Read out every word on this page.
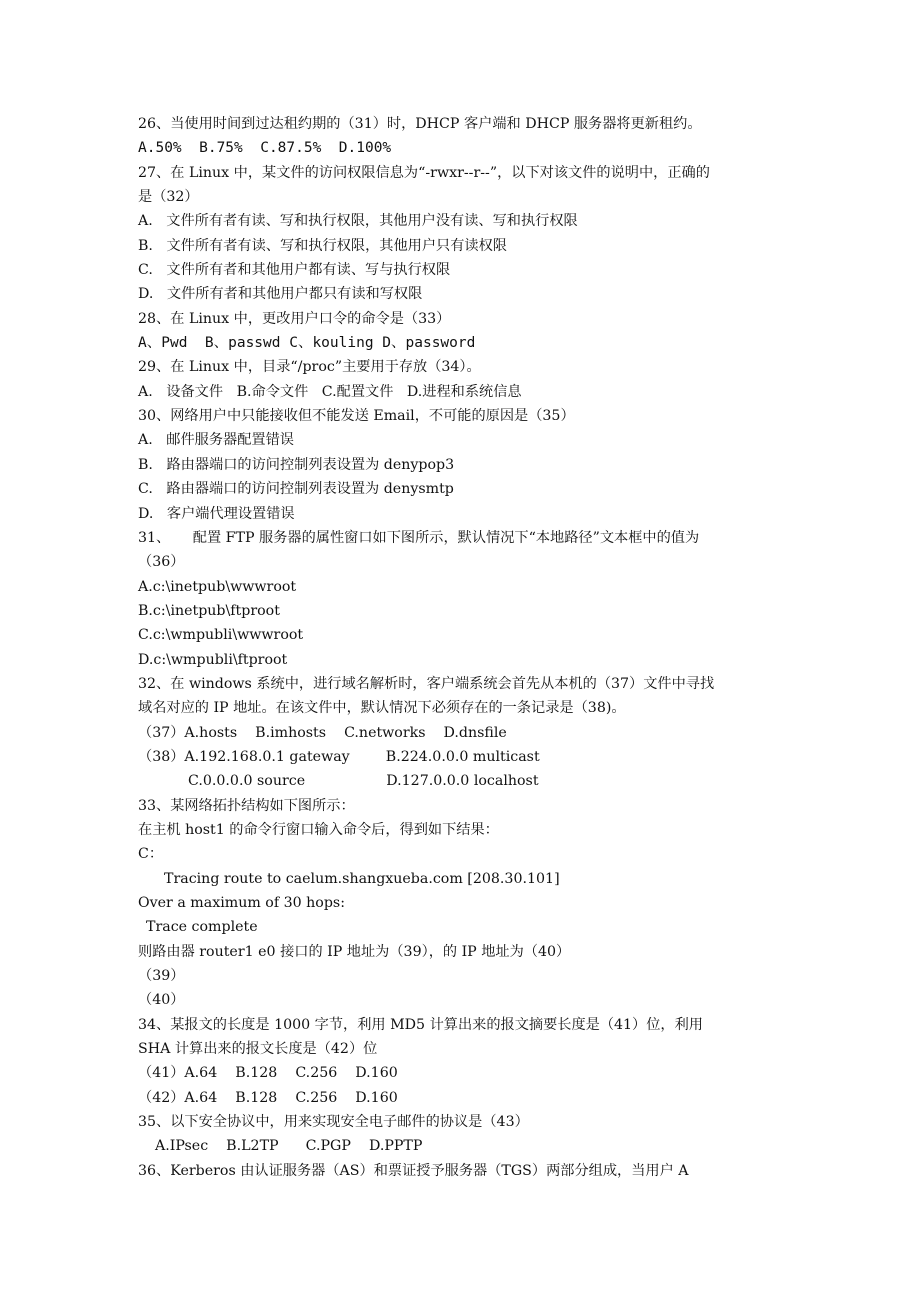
26、当使用时间到过达租约期的（31）时，DHCP 客户端和 DHCP 服务器将更新租约。
A.50%  B.75%  C.87.5%  D.100%
27、在 Linux 中，某文件的访问权限信息为“-rwxr--r--”，以下对该文件的说明中，正确的
是（32）
A.   文件所有者有读、写和执行权限，其他用户没有读、写和执行权限
B.   文件所有者有读、写和执行权限，其他用户只有读权限
C.   文件所有者和其他用户都有读、写与执行权限
D.   文件所有者和其他用户都只有读和写权限
28、在 Linux 中，更改用户口令的命令是（33）
A、Pwd  B、passwd C、kouling D、password
29、在 Linux 中，目录“/proc”主要用于存放（34）。
A.   设备文件   B.命令文件   C.配置文件   D.进程和系统信息
30、网络用户中只能接收但不能发送 Email，不可能的原因是（35）
A.   邮件服务器配置错误
B.   路由器端口的访问控制列表设置为 denypop3
C.   路由器端口的访问控制列表设置为 denysmtp
D.   客户端代理设置错误
31、     配置 FTP 服务器的属性窗口如下图所示，默认情况下“本地路径”文本框中的值为
（36）
A.c:\inetpub\wwwroot
B.c:\inetpub\ftproot
C.c:\wmpubli\wwwroot
D.c:\wmpubli\ftproot
32、在 windows 系统中，进行域名解析时，客户端系统会首先从本机的（37）文件中寻找
域名对应的 IP 地址。在该文件中，默认情况下必须存在的一条记录是（38)。
（37）A.hosts    B.imhosts    C.networks    D.dnsfile
（38）A.192.168.0.1 gateway        B.224.0.0.0 multicast
C.0.0.0.0 source                  D.127.0.0.0 localhost
33、某网络拓扑结构如下图所示：
在主机 host1 的命令行窗口输入命令后，得到如下结果：
C：
Tracing route to caelum.shangxueba.com [208.30.101]
Over a maximum of 30 hops:
Trace complete
则路由器 router1 e0 接口的 IP 地址为（39），的 IP 地址为（40）
（39）
（40）
34、某报文的长度是 1000 字节，利用 MD5 计算出来的报文摘要长度是（41）位，利用
SHA 计算出来的报文长度是（42）位
（41）A.64    B.128    C.256    D.160
（42）A.64    B.128    C.256    D.160
35、以下安全协议中，用来实现安全电子邮件的协议是（43）
A.IPsec    B.L2TP      C.PGP    D.PPTP
36、Kerberos 由认证服务器（AS）和票证授予服务器（TGS）两部分组成，当用户 A
